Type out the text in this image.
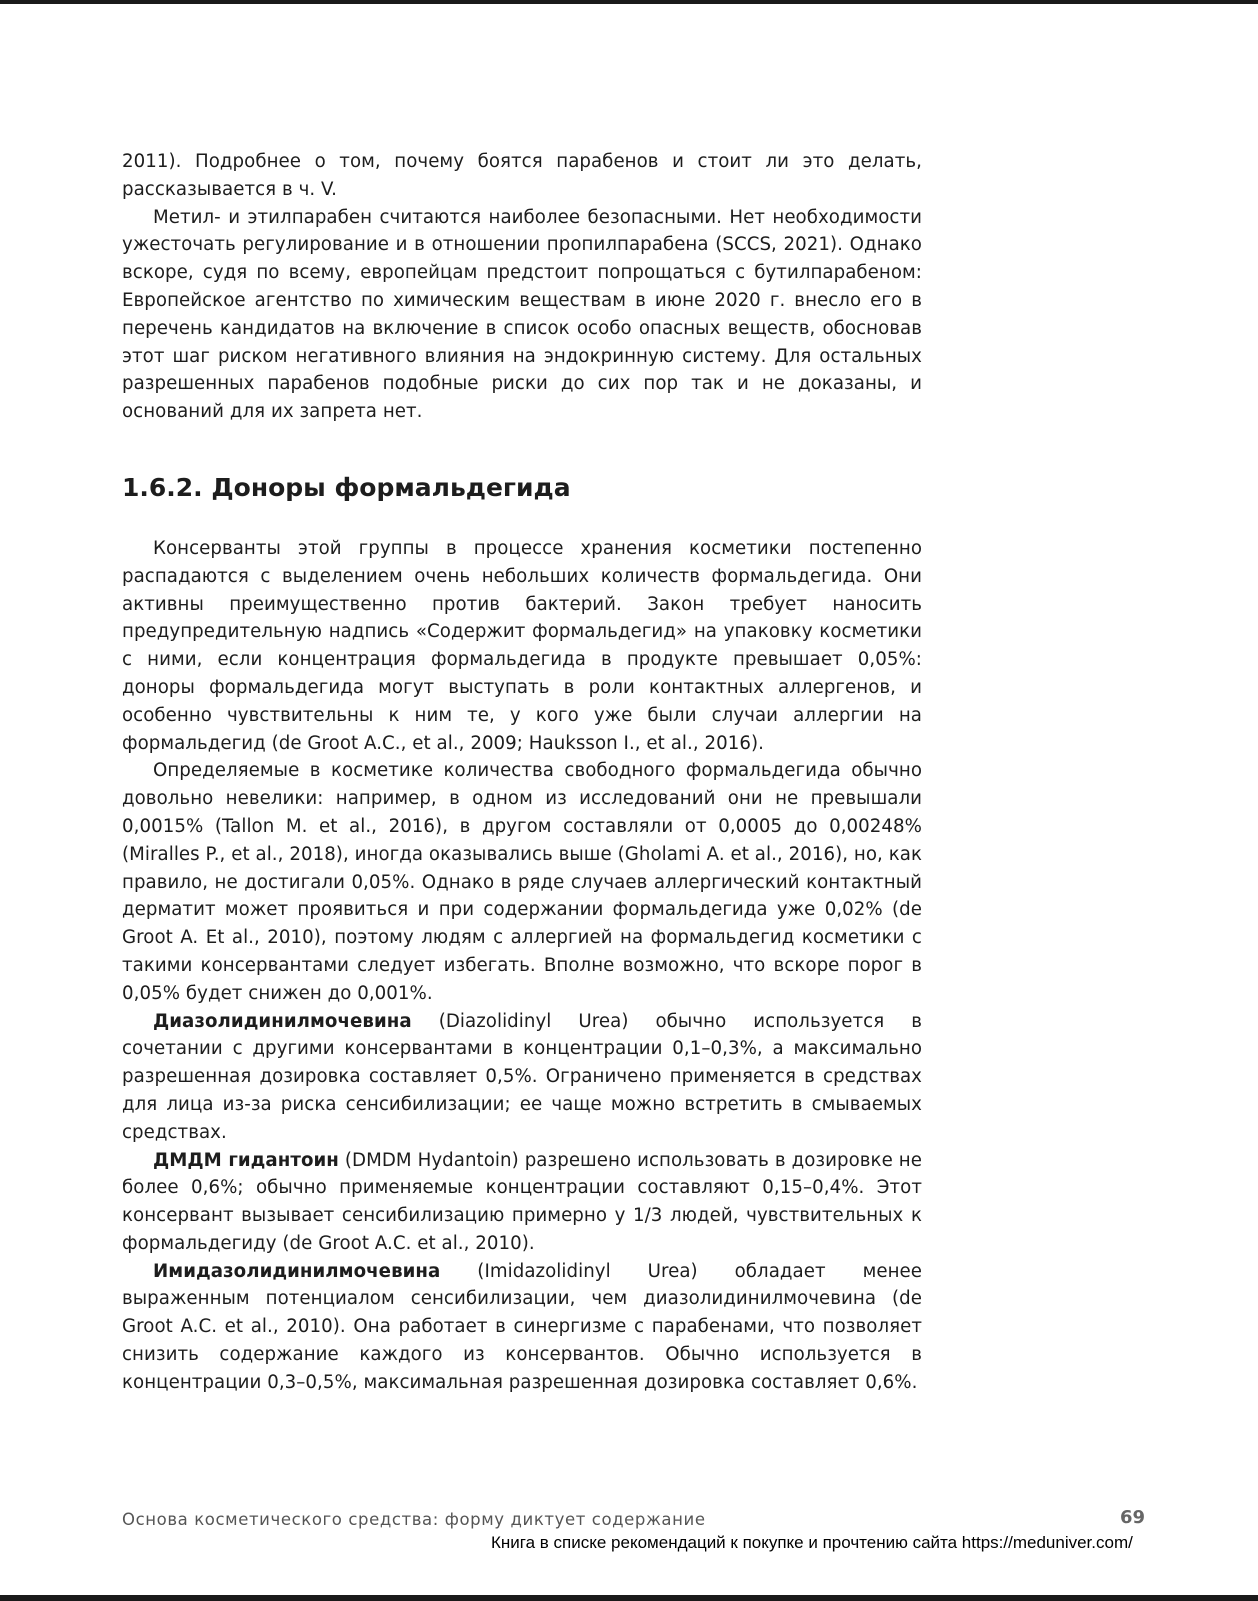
2011). Подробнее о том, почему боятся парабенов и стоит ли это делать, рассказывается в ч. V.

Метил- и этилпарабен считаются наиболее безопасными. Нет необходимости ужесточать регулирование и в отношении пропилпарабена (SCCS, 2021). Однако вскоре, судя по всему, европейцам предстоит попрощаться с бутилпарабеном: Европейское агентство по химическим веществам в июне 2020 г. внесло его в перечень кандидатов на включение в список особо опасных веществ, обосновав этот шаг риском негативного влияния на эндокринную систему. Для остальных разрешенных парабенов подобные риски до сих пор так и не доказаны, и оснований для их запрета нет.

1.6.2. Доноры формальдегида

Консерванты этой группы в процессе хранения косметики постепенно распадаются с выделением очень небольших количеств формальдегида. Они активны преимущественно против бактерий. Закон требует наносить предупредительную надпись «Содержит формальдегид» на упаковку косметики с ними, если концентрация формальдегида в продукте превышает 0,05%: доноры формальдегида могут выступать в роли контактных аллергенов, и особенно чувствительны к ним те, у кого уже были случаи аллергии на формальдегид (de Groot A.C., et al., 2009; Hauksson I., et al., 2016).

Определяемые в косметике количества свободного формальдегида обычно довольно невелики: например, в одном из исследований они не превышали 0,0015% (Tallon M. et al., 2016), в другом составляли от 0,0005 до 0,00248% (Miralles P., et al., 2018), иногда оказывались выше (Gholami A. et al., 2016), но, как правило, не достигали 0,05%. Однако в ряде случаев аллергический контактный дерматит может проявиться и при содержании формальдегида уже 0,02% (de Groot A. Et al., 2010), поэтому людям с аллергией на формальдегид косметики с такими консервантами следует избегать. Вполне возможно, что вскоре порог в 0,05% будет снижен до 0,001%.

Диазолидинилмочевина (Diazolidinyl Urea) обычно используется в сочетании с другими консервантами в концентрации 0,1–0,3%, а максимально разрешенная дозировка составляет 0,5%. Ограничено применяется в средствах для лица из-за риска сенсибилизации; ее чаще можно встретить в смываемых средствах.

ДМДМ гидантоин (DMDM Hydantoin) разрешено использовать в дозировке не более 0,6%; обычно применяемые концентрации составляют 0,15–0,4%. Этот консервант вызывает сенсибилизацию примерно у 1/3 людей, чувствительных к формальдегиду (de Groot A.C. et al., 2010).

Имидазолидинилмочевина (Imidazolidinyl Urea) обладает менее выраженным потенциалом сенсибилизации, чем диазолидинилмочевина (de Groot A.C. et al., 2010). Она работает в синергизме с парабенами, что позволяет снизить содержание каждого из консервантов. Обычно используется в концентрации 0,3–0,5%, максимальная разрешенная дозировка составляет 0,6%.

Основа косметического средства: форму диктует содержание	69
Книга в списке рекомендаций к покупке и прочтению сайта https://meduniver.com/
